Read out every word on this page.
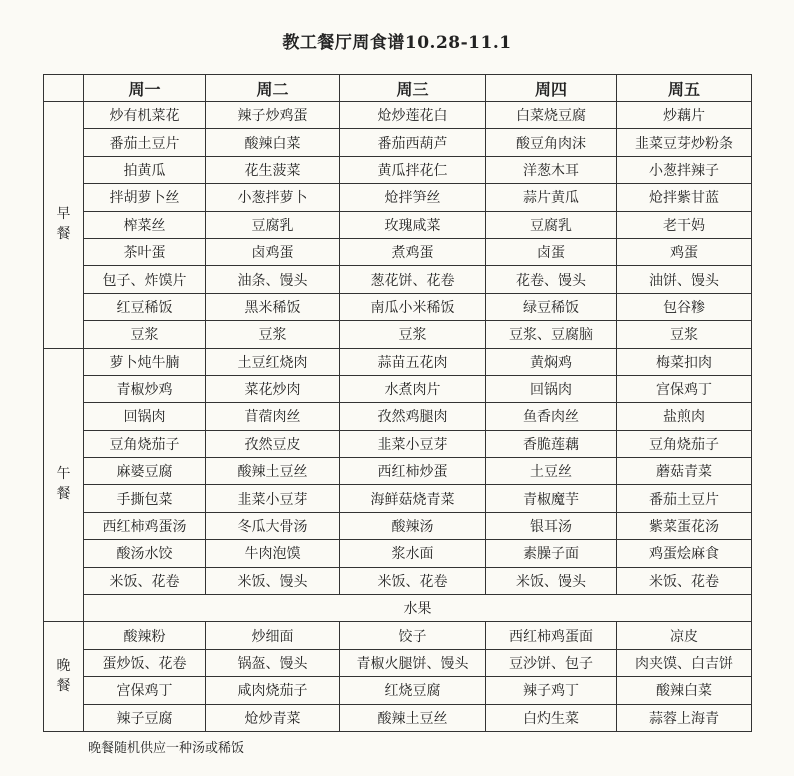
教工餐厅周食谱10.28-11.1
	周一	周二	周三	周四	周五

早
餐	炒有机菜花	辣子炒鸡蛋	炝炒莲花白	白菜烧豆腐	炒藕片
	番茄土豆片	酸辣白菜	番茄西葫芦	酸豆角肉沫	韭菜豆芽炒粉条
	拍黄瓜	花生菠菜	黄瓜拌花仁	洋葱木耳	小葱拌辣子
	拌胡萝卜丝	小葱拌萝卜	炝拌笋丝	蒜片黄瓜	炝拌紫甘蓝
	榨菜丝	豆腐乳	玫瑰咸菜	豆腐乳	老干妈
	茶叶蛋	卤鸡蛋	煮鸡蛋	卤蛋	鸡蛋
	包子、炸馍片	油条、馒头	葱花饼、花卷	花卷、馒头	油饼、馒头
	红豆稀饭	黑米稀饭	南瓜小米稀饭	绿豆稀饭	包谷糁
	豆浆	豆浆	豆浆	豆浆、豆腐脑	豆浆

午
餐	萝卜炖牛腩	土豆红烧肉	蒜苗五花肉	黄焖鸡	梅菜扣肉
	青椒炒鸡	菜花炒肉	水煮肉片	回锅肉	宫保鸡丁
	回锅肉	苜蓿肉丝	孜然鸡腿肉	鱼香肉丝	盐煎肉
	豆角烧茄子	孜然豆皮	韭菜小豆芽	香脆莲藕	豆角烧茄子
	麻婆豆腐	酸辣土豆丝	西红柿炒蛋	土豆丝	蘑菇青菜
	手撕包菜	韭菜小豆芽	海鲜菇烧青菜	青椒魔芋	番茄土豆片
	西红柿鸡蛋汤	冬瓜大骨汤	酸辣汤	银耳汤	紫菜蛋花汤
	酸汤水饺	牛肉泡馍	浆水面	素臊子面	鸡蛋烩麻食
	米饭、花卷	米饭、馒头	米饭、花卷	米饭、馒头	米饭、花卷
	水果				

晚
餐	酸辣粉	炒细面	饺子	西红柿鸡蛋面	凉皮
	蛋炒饭、花卷	锅盔、馒头	青椒火腿饼、馒头	豆沙饼、包子	肉夹馍、白吉饼
	宫保鸡丁	咸肉烧茄子	红烧豆腐	辣子鸡丁	酸辣白菜
	辣子豆腐	炝炒青菜	酸辣土豆丝	白灼生菜	蒜蓉上海青
晚餐随机供应一种汤或稀饭
